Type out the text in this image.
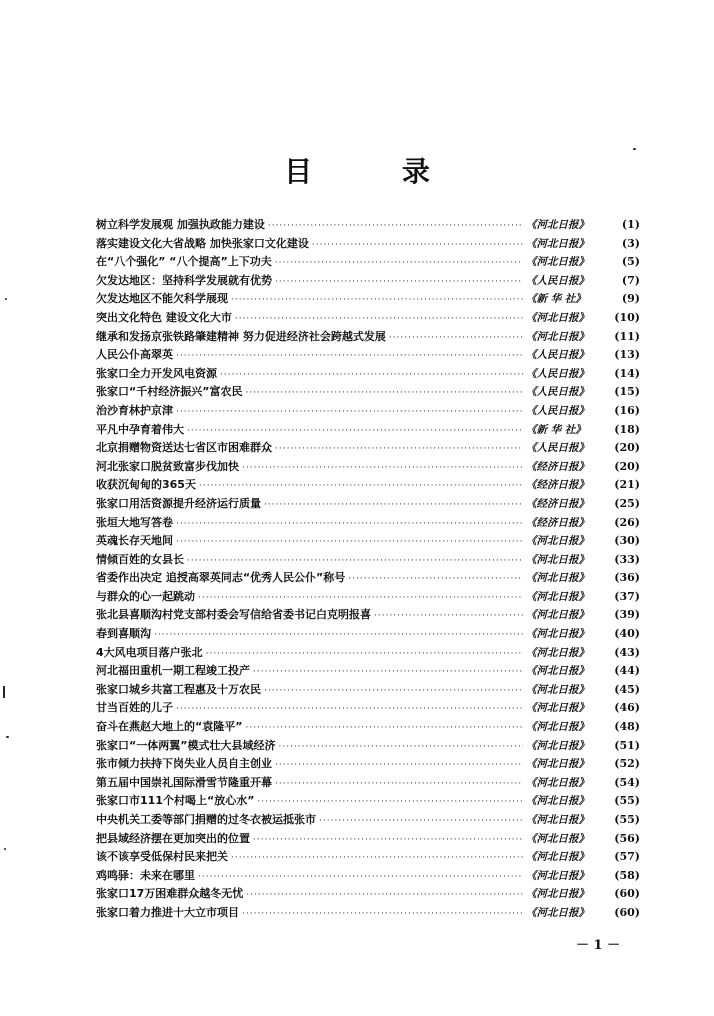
目 录
树立科学发展观 加强执政能力建设 ·····	《河北日报》	(1)
落实建设文化大省战略 加快张家口文化建设 ·····	《河北日报》	(3)
在“八个强化” “八个提高”上下功夫 ·····	《河北日报》	(5)
欠发达地区：坚持科学发展就有优势 ·····	《人民日报》	(7)
欠发达地区不能欠科学展现 ·····	《新 华 社》	(9)
突出文化特色 建设文化大市 ·····	《河北日报》	(10)
继承和发扬京张铁路肇建精神 努力促进经济社会跨越式发展 ·····	《河北日报》	(11)
人民公仆高翠英 ·····	《人民日报》	(13)
张家口全力开发风电资源 ·····	《人民日报》	(14)
张家口“千村经济振兴”富农民 ·····	《人民日报》	(15)
治沙育林护京津 ·····	《人民日报》	(16)
平凡中孕育着伟大 ·····	《新 华 社》	(18)
北京捐赠物资送达七省区市困难群众 ·····	《人民日报》	(20)
河北张家口脱贫致富步伐加快 ·····	《经济日报》	(20)
收获沉甸甸的365天 ·····	《经济日报》	(21)
张家口用活资源提升经济运行质量 ·····	《经济日报》	(25)
张垣大地写答卷 ·····	《经济日报》	(26)
英魂长存天地间 ·····	《河北日报》	(30)
情倾百姓的女县长 ·····	《河北日报》	(33)
省委作出决定 追授高翠英同志“优秀人民公仆”称号 ·····	《河北日报》	(36)
与群众的心一起跳动 ·····	《河北日报》	(37)
张北县喜顺沟村党支部村委会写信给省委书记白克明报喜 ·····	《河北日报》	(39)
春到喜顺沟 ·····	《河北日报》	(40)
4大风电项目落户张北 ·····	《河北日报》	(43)
河北福田重机一期工程竣工投产 ·····	《河北日报》	(44)
张家口城乡共富工程惠及十万农民 ·····	《河北日报》	(45)
甘当百姓的儿子 ·····	《河北日报》	(46)
奋斗在燕赵大地上的“袁隆平” ·····	《河北日报》	(48)
张家口“一体两翼”模式壮大县域经济 ·····	《河北日报》	(51)
张市倾力扶持下岗失业人员自主创业 ·····	《河北日报》	(52)
第五届中国崇礼国际滑雪节隆重开幕 ·····	《河北日报》	(54)
张家口市111个村喝上“放心水” ·····	《河北日报》	(55)
中央机关工委等部门捐赠的过冬衣被运抵张市 ·····	《河北日报》	(55)
把县域经济摆在更加突出的位置 ·····	《河北日报》	(56)
该不该享受低保村民来把关 ·····	《河北日报》	(57)
鸡鸣驿：未来在哪里 ·····	《河北日报》	(58)
张家口17万困难群众越冬无忧 ·····	《河北日报》	(60)
张家口着力推进十大立市项目 ·····	《河北日报》	(60)
－ 1 －
